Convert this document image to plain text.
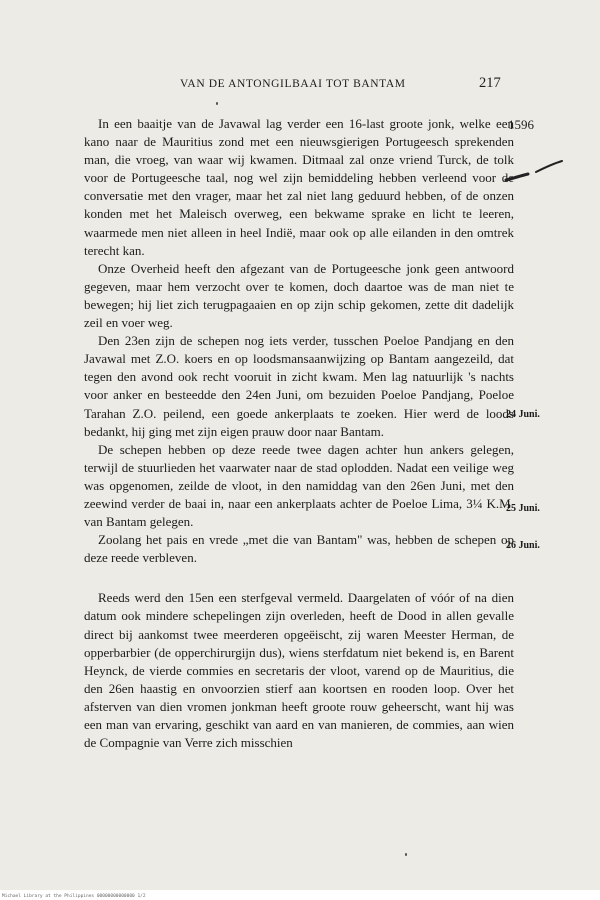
VAN DE ANTONGILBAAI TOT BANTAM	217

In een baaitje van de Javawal lag verder een 16-last groote jonk, welke een kano naar de Mauritius zond met een nieuwsgierigen Portugeesch sprekenden man, die vroeg, van waar wij kwamen. Ditmaal zal onze vriend Turck, de tolk voor de Portugeesche taal, nog wel zijn bemiddeling hebben verleend voor de conversatie met den vrager, maar het zal niet lang geduurd hebben, of de onzen konden met het Maleisch overweg, een bekwame sprake en licht te leeren, waarmede men niet alleen in heel Indië, maar ook op alle eilanden in den omtrek terecht kan.

Onze Overheid heeft den afgezant van de Portugeesche jonk geen antwoord gegeven, maar hem verzocht over te komen, doch daartoe was de man niet te bewegen; hij liet zich terugpagaaien en op zijn schip gekomen, zette dit dadelijk zeil en voer weg.

Den 23en zijn de schepen nog iets verder, tusschen Poeloe Pandjang en den Javawal met Z.O. koers en op loodsmansaanwijzing op Bantam aangezeild, dat tegen den avond ook recht vooruit in zicht kwam. Men lag natuurlijk 's nachts voor anker en besteedde den 24en Juni, om bezuiden Poeloe Pandjang, Poeloe Tarahan Z.O. peilend, een goede ankerplaats te zoeken. Hier werd de loods bedankt, hij ging met zijn eigen prauw door naar Bantam.

De schepen hebben op deze reede twee dagen achter hun ankers gelegen, terwijl de stuurlieden het vaarwater naar de stad oplodden. Nadat een veilige weg was opgenomen, zeilde de vloot, in den namiddag van den 26en Juni, met den zeewind verder de baai in, naar een ankerplaats achter de Poeloe Lima, 3¼ K.M. van Bantam gelegen.

Zoolang het pais en vrede „met die van Bantam" was, hebben de schepen op deze reede verbleven.

Reeds werd den 15en een sterfgeval vermeld. Daargelaten of vóór of na dien datum ook mindere schepelingen zijn overleden, heeft de Dood in allen gevalle direct bij aankomst twee meerderen opgeëischt, zij waren Meester Herman, de opperbarbier (de opperchirurgijn dus), wiens sterfdatum niet bekend is, en Barent Heynck, de vierde commies en secretaris der vloot, varend op de Mauritius, die den 26en haastig en onvoorzien stierf aan koortsen en rooden loop. Over het afsterven van dien vromen jonkman heeft groote rouw geheerscht, want hij was een man van ervaring, geschikt van aard en van manieren, de commies, aan wien de Compagnie van Verre zich misschien

1596
24 Juni.
25 Juni.
26 Juni.
Michael Library at the Philippines 00000000000000 1/2
